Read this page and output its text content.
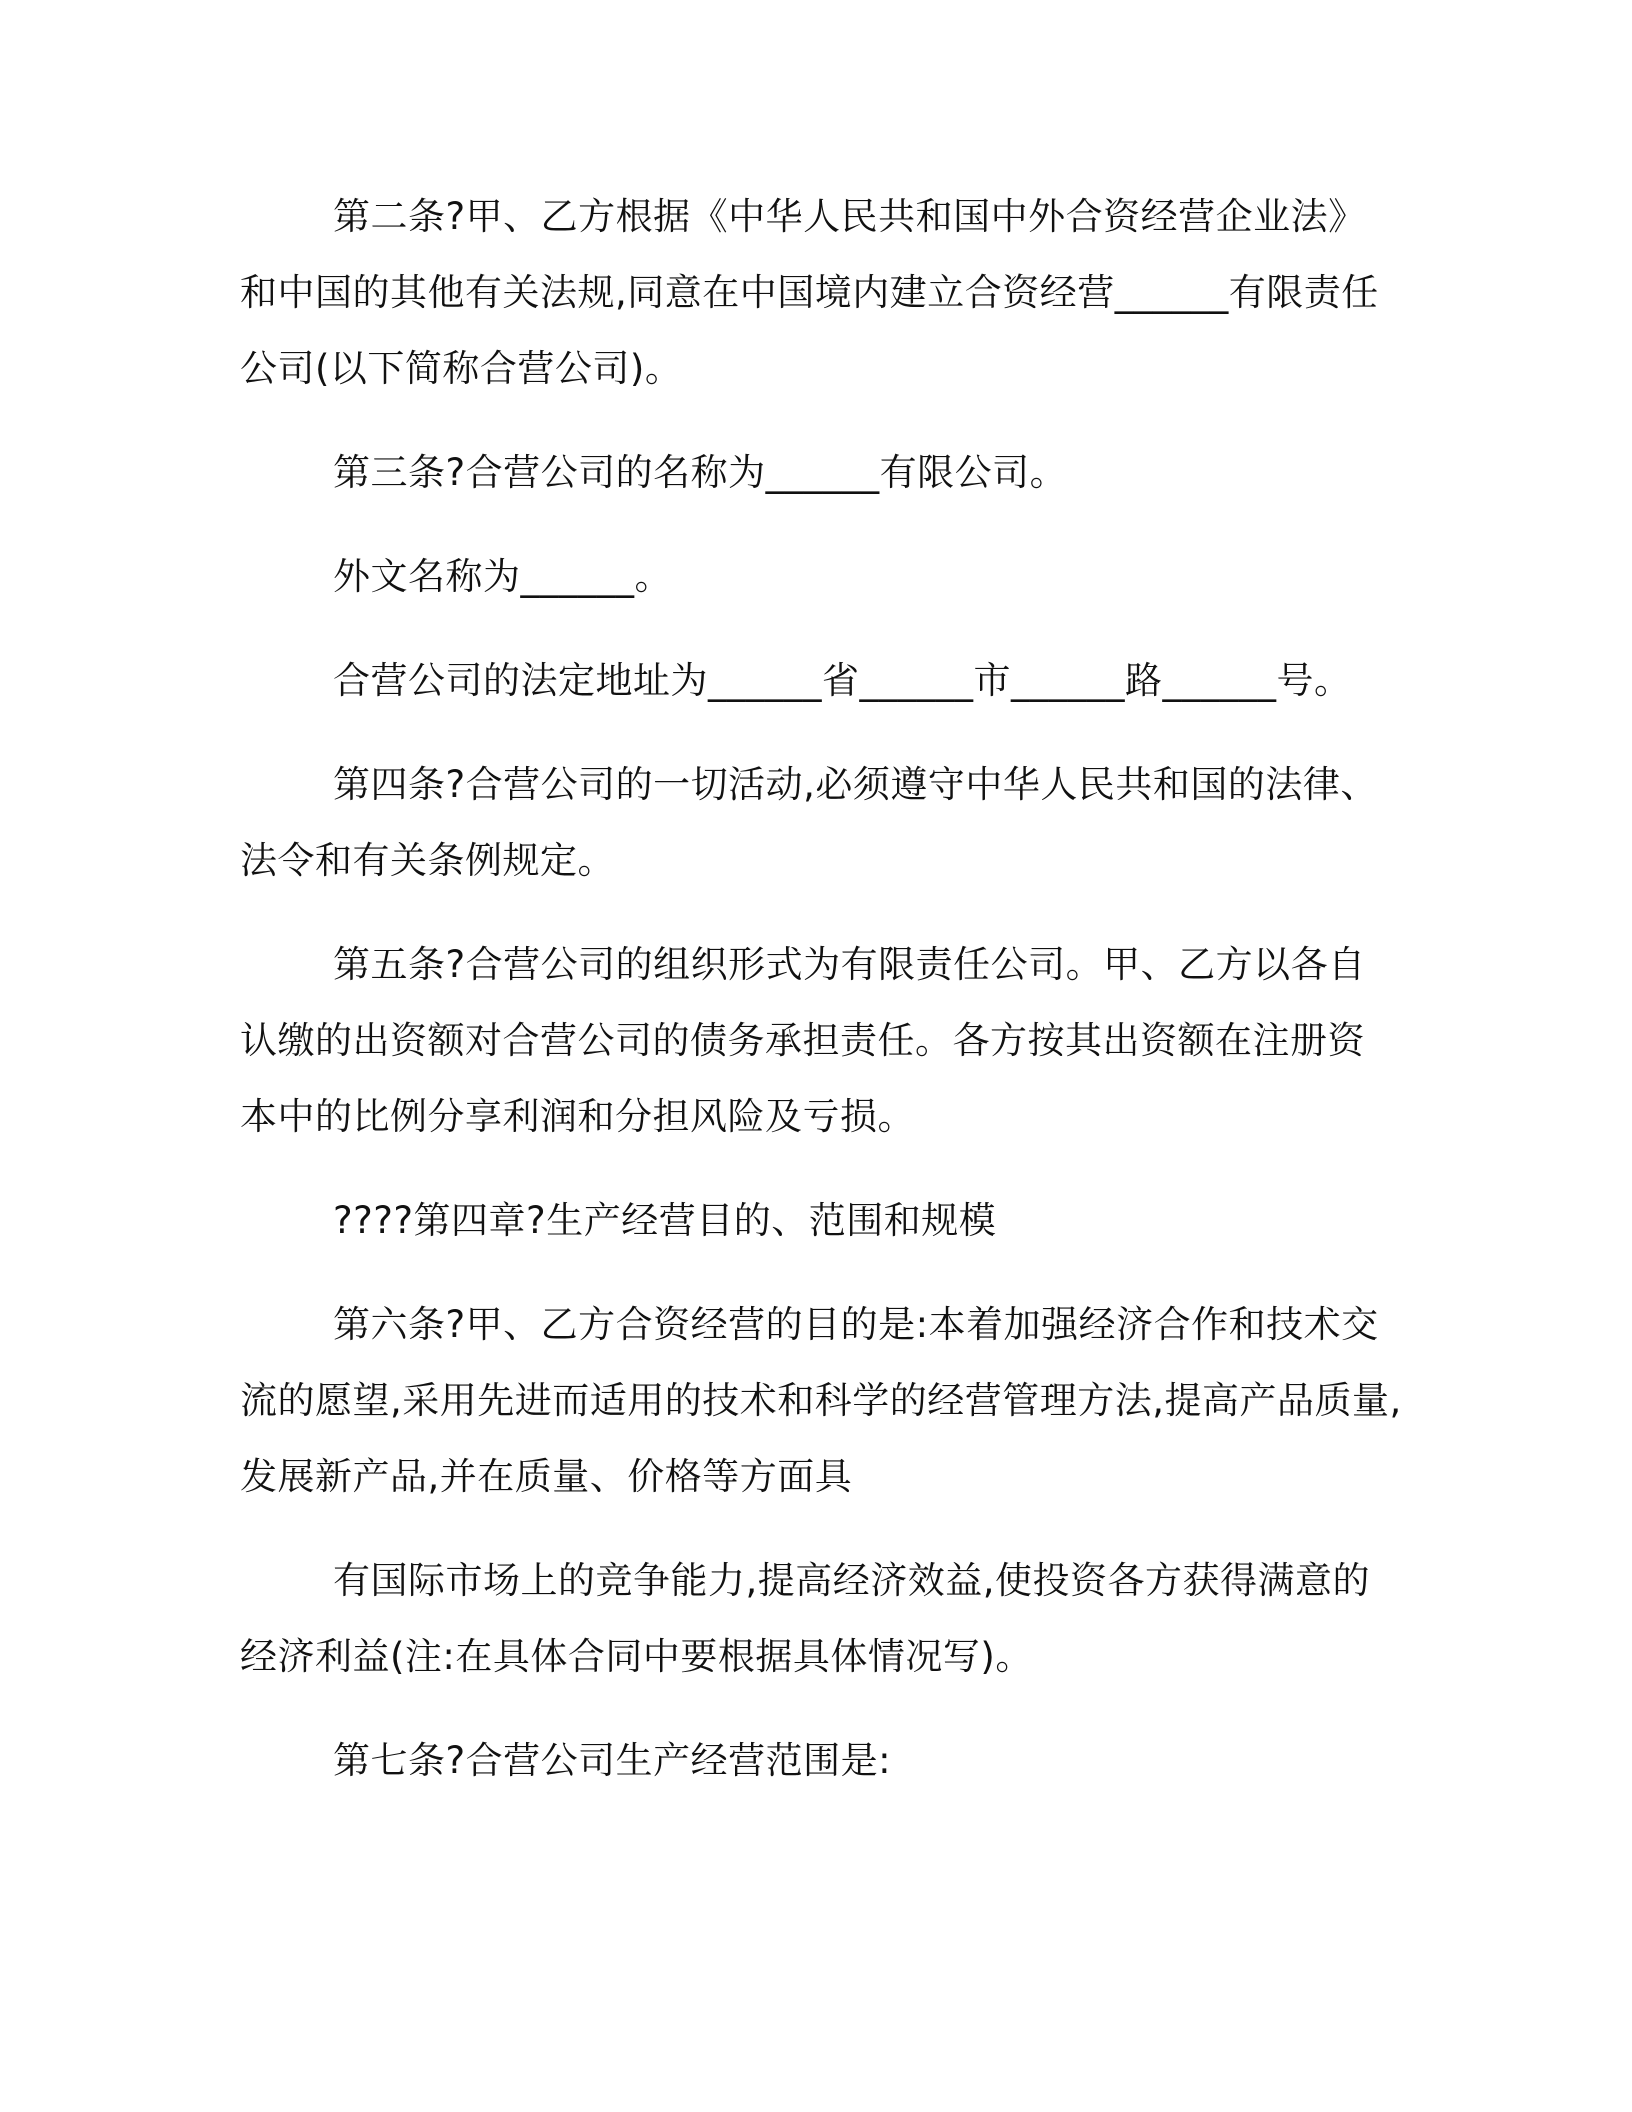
第二条?甲、乙方根据《中华人民共和国中外合资经营企业法》

和中国的其他有关法规,同意在中国境内建立合资经营______有限责任

公司(以下简称合营公司)。

第三条?合营公司的名称为______有限公司。

外文名称为______。

合营公司的法定地址为______省______市______路______号。

第四条?合营公司的一切活动,必须遵守中华人民共和国的法律、

法令和有关条例规定。

第五条?合营公司的组织形式为有限责任公司。甲、乙方以各自

认缴的出资额对合营公司的债务承担责任。各方按其出资额在注册资

本中的比例分享利润和分担风险及亏损。

????第四章?生产经营目的、范围和规模

第六条?甲、乙方合资经营的目的是:本着加强经济合作和技术交

流的愿望,采用先进而适用的技术和科学的经营管理方法,提高产品质量,

发展新产品,并在质量、价格等方面具

有国际市场上的竞争能力,提高经济效益,使投资各方获得满意的

经济利益(注:在具体合同中要根据具体情况写)。

第七条?合营公司生产经营范围是:
